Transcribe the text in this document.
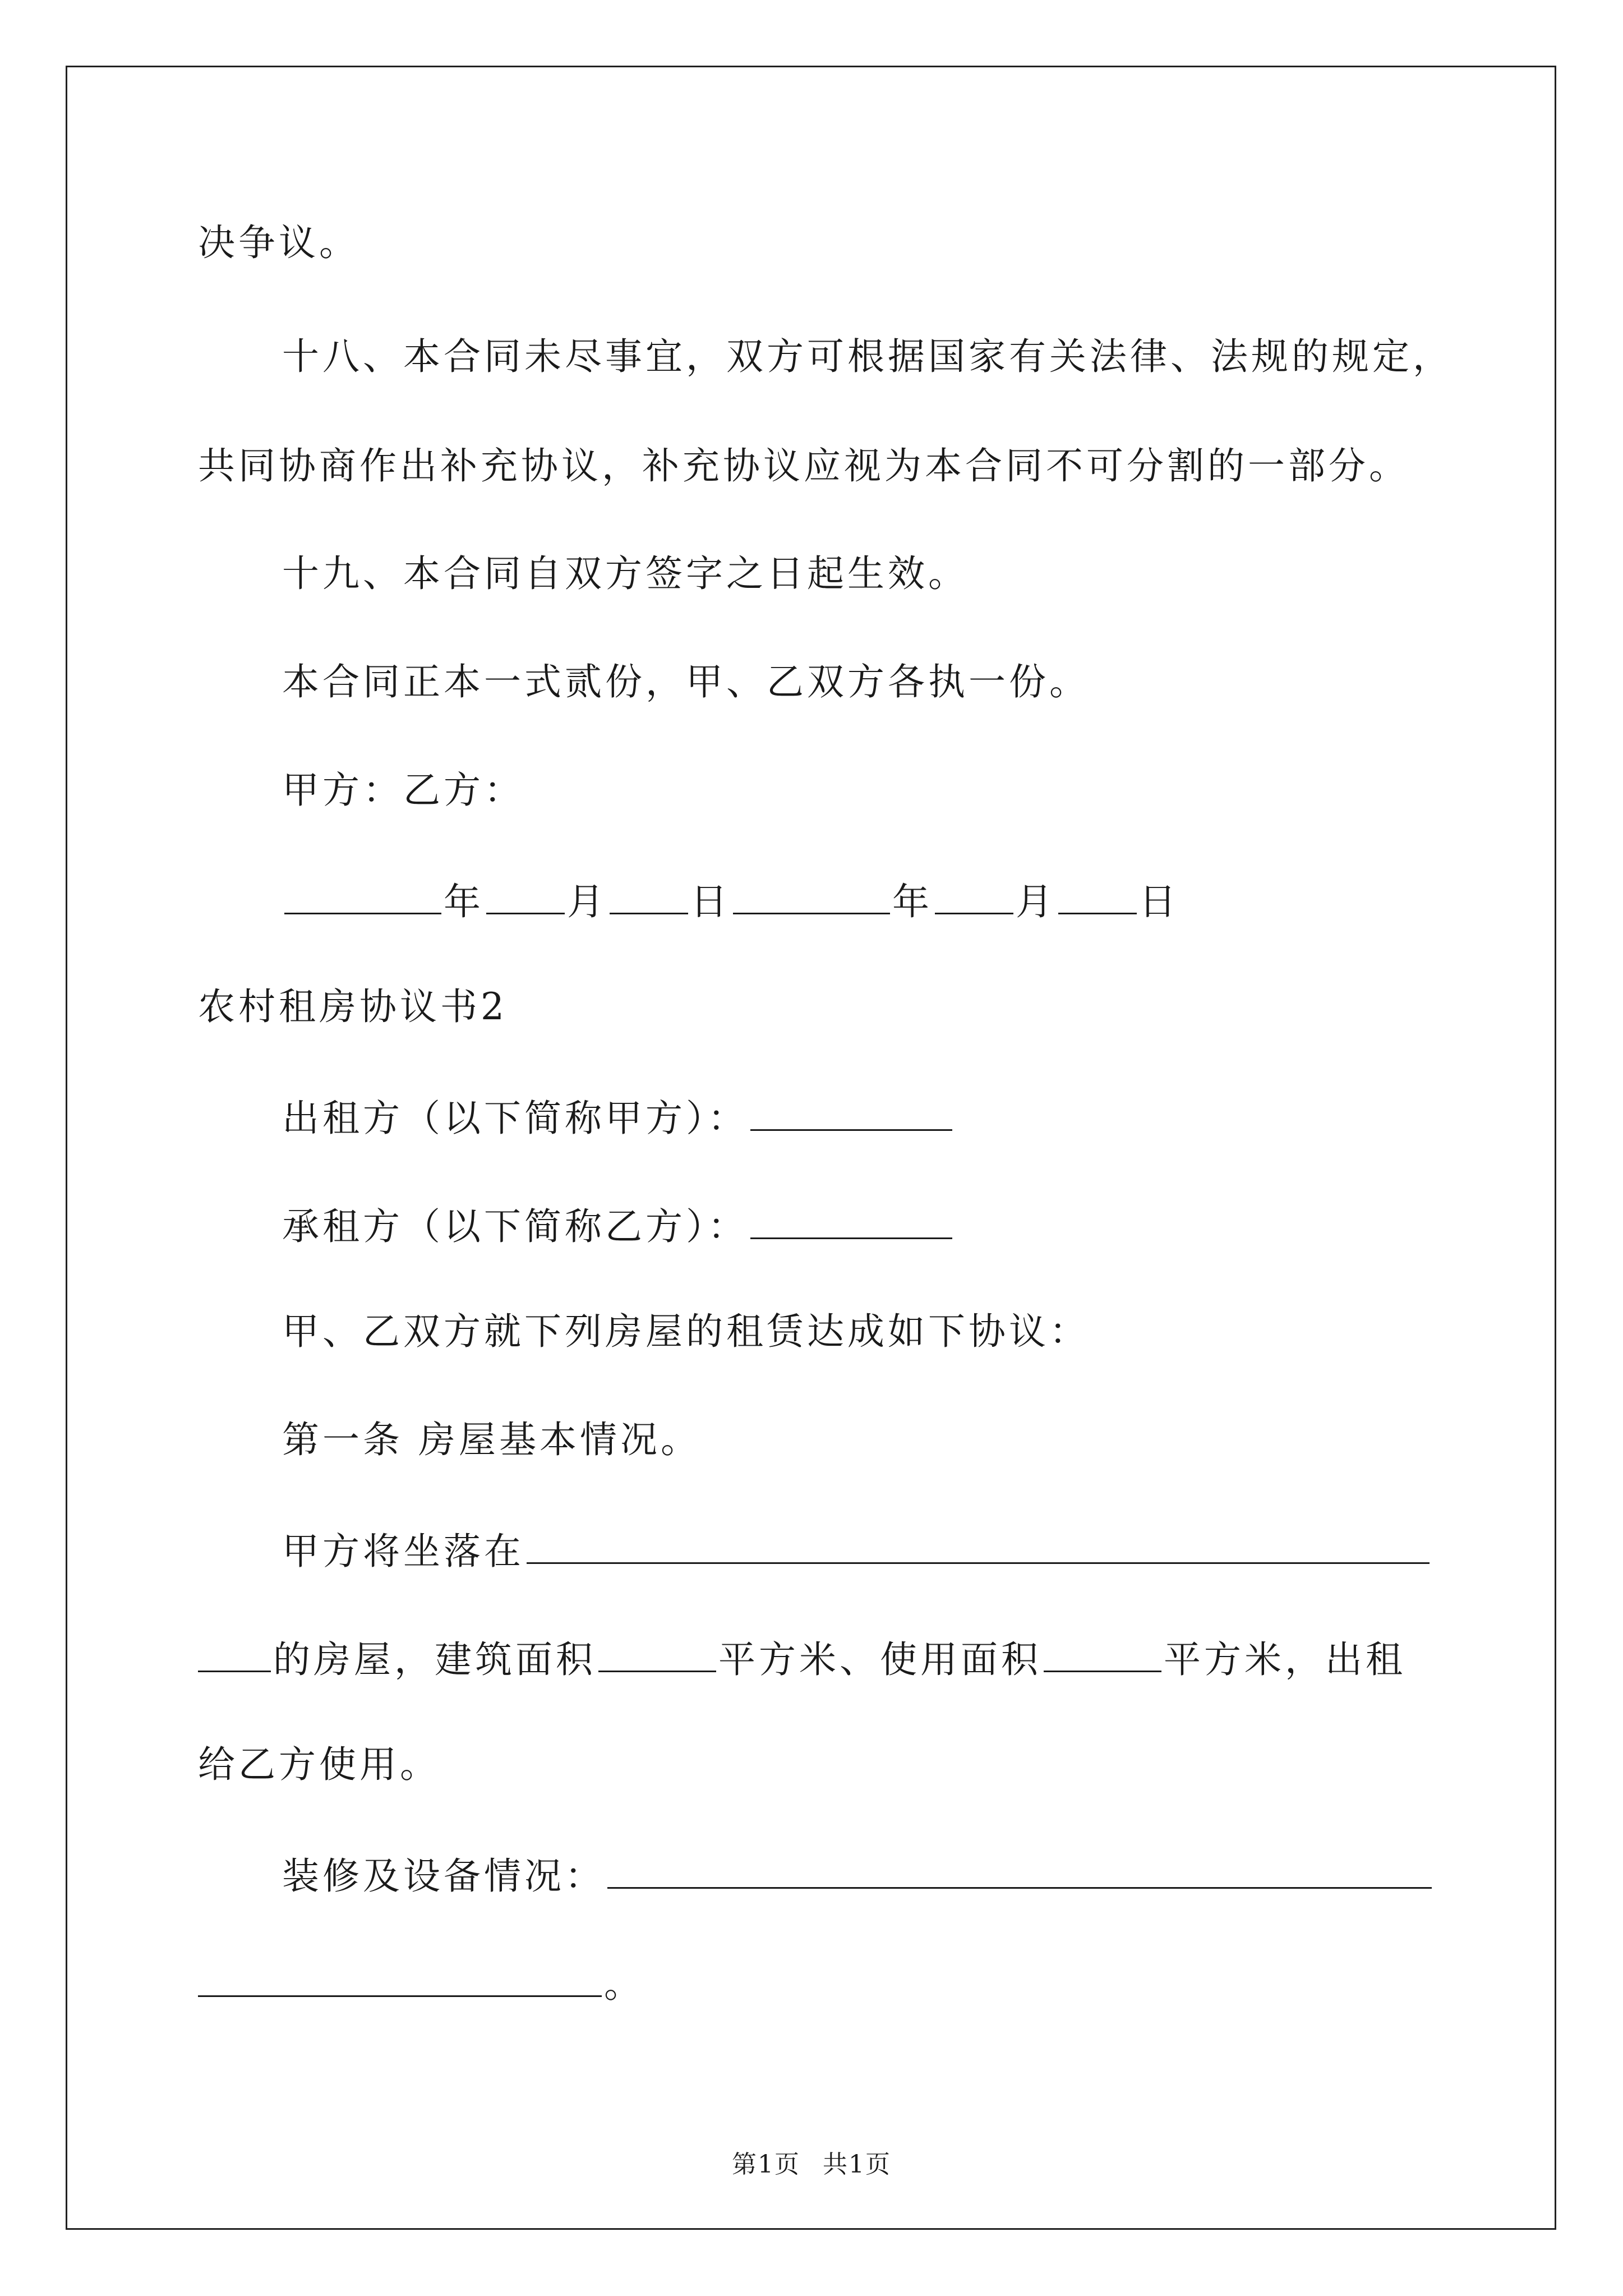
决争议。
十八、本合同未尽事宜，双方可根据国家有关法律、法规的规定，
共同协商作出补充协议，补充协议应视为本合同不可分割的一部分。
十九、本合同自双方签字之日起生效。
本合同正本一式贰份，甲、乙双方各执一份。
甲方：乙方：
年 月 日	年 月 日
农村租房协议书2
出租方（以下简称甲方）：
承租方（以下简称乙方）：
甲、乙双方就下列房屋的租赁达成如下协议：
第一条 房屋基本情况。
甲方将坐落在
的房屋，建筑面积	平方米、使用面积	平方米，出租
给乙方使用。
装修及设备情况：
。
第1页 共1页
